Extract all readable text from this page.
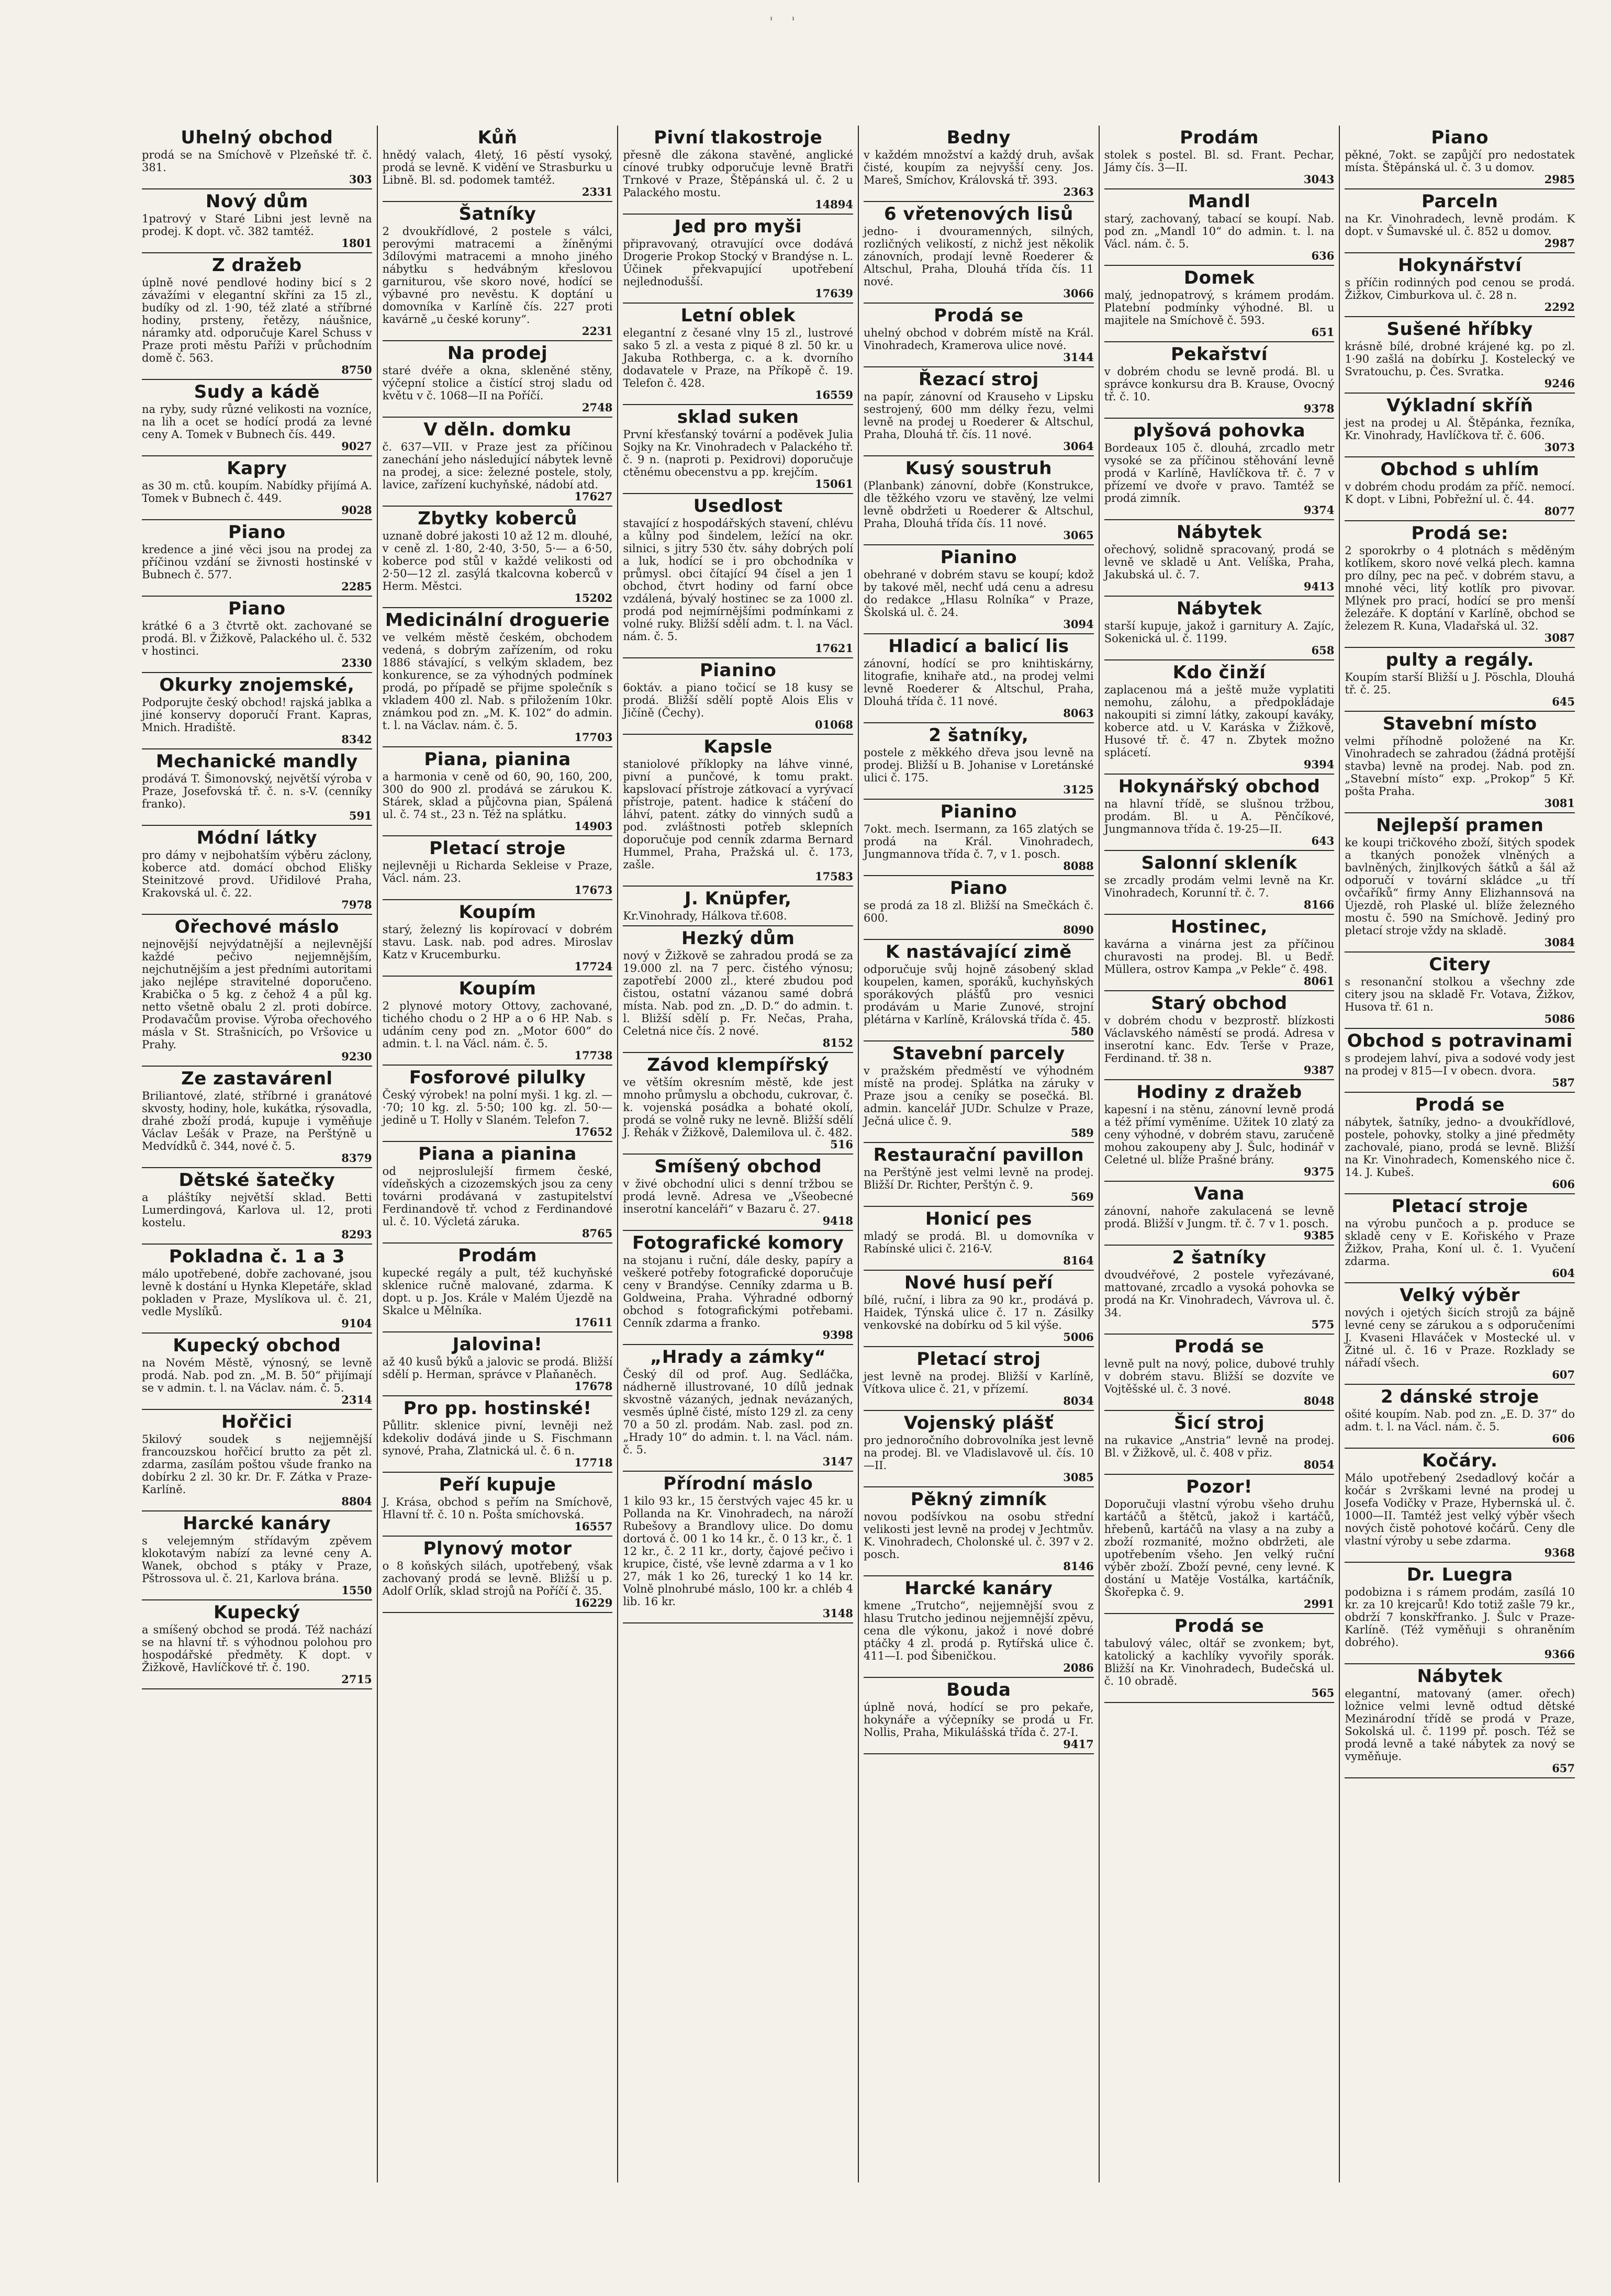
Uhelný obchod

prodá se na Smíchově v Plzeňské tř. č. 381.

303
Nový dům

1patrový v Staré Libni jest levně na prodej. K dopt. vč. 382 tamtéž.

1801
Z dražeb

úplně nové pendlové hodiny bicí s 2 závažími v elegantní skříni za 15 zl., budíky od zl. 1·90, též zlaté a stříbrné hodiny, prsteny, řetězy, náušnice, náramky atd. odporučuje Karel Schuss v Praze proti městu Paříži v průchodním domě č. 563.

8750
Sudy a kádě

na ryby, sudy různé velikosti na vozníce, na lih a ocet se hodící prodá za levné ceny A. Tomek v Bubnech čís. 449.

9027
Kapry

as 30 m. ctů. koupím. Nabídky přijímá A. Tomek v Bubnech č. 449.

9028
Piano

kredence a jiné věci jsou na prodej za příčinou vzdání se živnosti hostinské v Bubnech č. 577.

2285
Piano

krátké 6 a 3 čtvrtě okt. zachované se prodá. Bl. v Žižkově, Palackého ul. č. 532 v hostinci.

2330
Okurky znojemské,

Podporujte český obchod! rajská jablka a jiné konservy doporučí Frant. Kapras, Mnich. Hradiště.

8342
Mechanické mandly

prodává T. Šimonovský, největší výroba v Praze, Josefovská tř. č. n. s-V. (cenníky franko).

591
Módní látky

pro dámy v nejbohatším výběru záclony, koberce atd. domácí obchod Elišky Steinitzové provd. Uřidilové Praha, Krakovská ul. č. 22.

7978
Ořechové máslo

nejnovější nejvýdatnější a nejlevnější každé pečivo nejjemnějším, nejchutnějším a jest předními autoritami jako nejlépe stravitelné doporučeno. Krabička o 5 kg. z čehož 4 a půl kg. netto všetně obalu 2 zl. proti dobírce. Prodavačům provise. Výroba ořechového másla v St. Strašnicích, po Vršovice u Prahy.

9230
Ze zastavárenl

Briliantové, zlaté, stříbrné i granátové skvosty, hodiny, hole, kukátka, rýsovadla, drahé zboží prodá, kupuje i vyměňuje Václav Lešák v Praze, na Perštýně u Medvídků č. 344, nové č. 5.

8379
Dětské šatečky

a pláštíky největší sklad. Betti Lumerdingová, Karlova ul. 12, proti kostelu.

8293
Pokladna č. 1 a 3

málo upotřebené, dobře zachované, jsou levně k dostání u Hynka Klepetáře, sklad pokladen v Praze, Myslíkova ul. č. 21, vedle Myslíků.

9104
Kupecký obchod

na Novém Městě, výnosný, se levně prodá. Nab. pod zn. „M. B. 50“ přijímají se v admin. t. l. na Václav. nám. č. 5.

2314
Hořčici

5kilový soudek s nejjemnější francouzskou hořčicí brutto za pět zl. zdarma, zasílám poštou všude franko na dobírku 2 zl. 30 kr. Dr. F. Zátka v Praze-Karlíně.

8804
Harcké kanáry

s velejemným střídavým zpěvem klokotavým nabízí za levné ceny A. Wanek, obchod s ptáky v Praze, Pštrossova ul. č. 21, Karlova brána.

1550
Kupecký

a smíšený obchod se prodá. Též nachází se na hlavní tř. s výhodnou polohou pro hospodářské předměty. K dopt. v Žižkově, Havlíčkové tř. č. 190.

2715
Kůň

hnědý valach, 4letý, 16 pěstí vysoký, prodá se levně. K vidění ve Strasburku u Libně. Bl. sd. podomek tamtéž.

2331
Šatníky

2 dvoukřídlové, 2 postele s válci, perovými matracemi a žíněnými 3dílovými matracemi a mnoho jiného nábytku s hedvábným křeslovou garniturou, vše skoro nové, hodící se výbavné pro nevěstu. K doptání u domovníka v Karlíně čís. 227 proti kavárně „u české koruny“.

2231
Na prodej

staré dvéře a okna, skleněné stěny, výčepní stolice a čistící stroj sladu od květu v č. 1068—II na Poříčí.

2748
V děln. domku

č. 637—VII. v Praze jest za příčinou zanechání jeho následující nábytek levně na prodej, a sice: železné postele, stoly, lavice, zařízení kuchyňské, nádobí atd.

17627
Zbytky koberců

uznaně dobré jakosti 10 až 12 m. dlouhé, v ceně zl. 1·80, 2·40, 3·50, 5·— a 6·50, koberce pod stůl v každé velikosti od 2·50—12 zl. zasýlá tkalcovna koberců v Herm. Městci.

15202
Medicinální droguerie

ve velkém městě českém, obchodem vedená, s dobrým zařízením, od roku 1886 stávající, s velkým skladem, bez konkurence, se za výhodných podmínek prodá, po případě se přijme společník s vkladem 400 zl. Nab. s přiložením 10kr. známkou pod zn. „M. K. 102“ do admin. t. l. na Václav. nám. č. 5.

17703
Piana, pianina

a harmonia v ceně od 60, 90, 160, 200, 300 do 900 zl. prodává se zárukou K. Stárek, sklad a půjčovna pian, Spálená ul. č. 74 st., 23 n. Též na splátku.

14903
Pletací stroje

nejlevněji u Richarda Sekleise v Praze, Václ. nám. 23.

17673
Koupím

starý, železný lis kopírovací v dobrém stavu. Lask. nab. pod adres. Miroslav Katz v Krucemburku.

17724
Koupím

2 plynové motory Ottovy, zachované, tichého chodu o 2 HP a o 6 HP. Nab. s udáním ceny pod zn. „Motor 600“ do admin. t. l. na Václ. nám. č. 5.

17738
Fosforové pilulky

Český výrobek! na polní myši. 1 kg. zl. —·70; 10 kg. zl. 5·50; 100 kg. zl. 50·— jedině u T. Holly v Slaném. Telefon 7.

17652
Piana a pianina

od nejproslulejší firmem české, vídeňských a cizozemských jsou za ceny továrni prodávaná v zastupitelství Ferdinandově tř. vchod z Ferdinandové ul. č. 10. Výcletá záruka.

8765
Prodám

kupecké regály a pult, též kuchyňské sklenice ručně malované, zdarma. K dopt. u p. Jos. Krále v Malém Újezdě na Skalce u Mělníka.

17611
Jalovina!

až 40 kusů býků a jalovic se prodá. Bližší sdělí p. Herman, správce v Plaňaněch.

17678
Pro pp. hostinské!

Půllitr. sklenice pivní, levněji než kdekoliv dodává jinde u S. Fischmann synové, Praha, Zlatnická ul. č. 6 n.

17718
Peří kupuje

J. Krása, obchod s peřím na Smíchově, Hlavní tř. č. 10 n. Pošta smíchovská.

16557
Plynový motor

o 8 koňských silách, upotřebený, však zachovaný prodá se levně. Bližší u p. Adolf Orlík, sklad strojů na Poříčí č. 35.

16229
Pivní tlakostroje

přesně dle zákona stavěné, anglické cínové trubky odporučuje levně Bratři Trnkové v Praze, Štěpánská ul. č. 2 u Palackého mostu.

14894
Jed pro myši

připravovaný, otravující ovce dodává Drogerie Prokop Stocký v Brandýse n. L. Účinek překvapující upotřebení nejlednodušší.

17639
Letní oblek

elegantní z česané vlny 15 zl., lustrové sako 5 zl. a vesta z piqué 8 zl. 50 kr. u Jakuba Rothberga, c. a k. dvorního dodavatele v Praze, na Příkopě č. 19. Telefon č. 428.

16559
sklad suken

První křesťanský tovární a poděvek Julia Sojky na Kr. Vinohradech v Palackého tř. č. 9 n. (naproti p. Pexidrovi) doporučuje ctěnému obecenstvu a pp. krejčím.

15061
Usedlost

stavající z hospodářských stavení, chlévu a kůlny pod šindelem, ležící na okr. silnici, s jitry 530 čtv. sáhy dobrých polí a luk, hodící se i pro obchodníka v průmysl. obci čítající 94 čísel a jen 1 obchod, čtvrt hodiny od farní obce vzdálená, bývalý hostinec se za 1000 zl. prodá pod nejmírnějšími podmínkami z volné ruky. Bližší sdělí adm. t. l. na Václ. nám. č. 5.

17621
Pianino

6oktáv. a piano točicí se 18 kusy se prodá. Bližší sdělí poptě Alois Elis v Jičíně (Čechy).

01068
Kapsle

staniolové příklopky na láhve vinné, pivní a punčové, k tomu prakt. kapslovací přístroje zátkovací a vyrývací přístroje, patent. hadice k stáčení do láhví, patent. zátky do vinných sudů a pod. zvláštnosti potřeb sklepních doporučuje pod cenník zdarma Bernard Hummel, Praha, Pražská ul. č. 173, zašle.

17583
J. Knüpfer,

Kr.Vinohrady, Hálkova tř.608.

Hezký dům

nový v Žižkově se zahradou prodá se za 19.000 zl. na 7 perc. čistého výnosu; zapotřebí 2000 zl., které zbudou pod čistou, ostatní vázanou samé dobrá místa. Nab. pod zn. „D. D.“ do admin. t. l. Bližší sdělí p. Fr. Nečas, Praha, Celetná nice čís. 2 nové.

8152
Závod klempířský

ve větším okresním městě, kde jest mnoho průmyslu a obchodu, cukrovar, č. k. vojenská posádka a bohaté okolí, prodá se volně ruky ne levně. Bližší sdělí J. Řehák v Žižkově, Dalemilova ul. č. 482.

516
Smíšený obchod

v živé obchodní ulici s denní tržbou se prodá levně. Adresa ve „Všeobecné inserotní kanceláři“ v Bazaru č. 27.

9418
Fotografické komory

na stojanu i ruční, dále desky, papíry a veškeré potřeby fotografické doporučuje ceny v Brandýse. Cenníky zdarma u B. Goldweina, Praha. Výhradné odborný obchod s fotografickými potřebami. Cenník zdarma a franko.

9398
„Hrady a zámky“

Český díl od prof. Aug. Sedláčka, nádherně illustrované, 10 dílů jednak skvostně vázaných, jednak nevázaných, vesměs úplně čisté, místo 129 zl. za ceny 70 a 50 zl. prodám. Nab. zasl. pod zn. „Hrady 10“ do admin. t. l. na Václ. nám. č. 5.

3147
Přírodní máslo

1 kilo 93 kr., 15 čerstvých vajec 45 kr. u Pollanda na Kr. Vinohradech, na nároží Rubešovy a Brandlovy ulice. Do domu dortová č. 00 1 ko 14 kr., č. 0 13 kr., č. 1 12 kr., č. 2 11 kr., dorty, čajové pečivo i krupice, čisté, vše levně zdarma a v 1 ko 27, mák 1 ko 26, turecký 1 ko 14 kr. Volně plnohrubé máslo, 100 kr. a chléb 4 lib. 16 kr.

3148
Bedny

v každém množství a každý druh, avšak čisté, koupím za nejvyšší ceny. Jos. Mareš, Smíchov, Královská tř. 393.

2363
6 vřetenových lisů

jedno- i dvouramenných, silných, rozličných velikostí, z nichž jest několik zánovních, prodají levně Roederer & Altschul, Praha, Dlouhá třída čís. 11 nové.

3066
Prodá se

uhelný obchod v dobrém místě na Král. Vinohradech, Kramerova ulice nové.

3144
Řezací stroj

na papír, zánovní od Krauseho v Lipsku sestrojený, 600 mm délky řezu, velmi levně na prodej u Roederer & Altschul, Praha, Dlouhá tř. čís. 11 nové.

3064
Kusý soustruh

(Planbank) zánovní, dobře (Konstrukce, dle těžkého vzoru ve stavěný, lze velmi levně obdržeti u Roederer & Altschul, Praha, Dlouhá třída čís. 11 nové.

3065
Pianino

obehrané v dobrém stavu se koupí; kdož by takové měl, nechť udá cenu a adresu do redakce „Hlasu Rolníka“ v Praze, Školská ul. č. 24.

3094
Hladicí a balicí lis

zánovní, hodící se pro knihtiskárny, litografie, knihaře atd., na prodej velmi levně Roederer & Altschul, Praha, Dlouhá třída č. 11 nové.

8063
2 šatníky,

postele z měkkého dřeva jsou levně na prodej. Bližší u B. Johanise v Loretánské ulici č. 175.

3125
Pianino

7okt. mech. Isermann, za 165 zlatých se prodá na Král. Vinohradech, Jungmannova třída č. 7, v 1. posch.

8088
Piano

se prodá za 18 zl. Bližší na Smečkách č. 600.

8090
K nastávající zimě

odporučuje svůj hojně zásobený sklad koupelen, kamen, sporáků, kuchyňských sporákových plášťů pro vesnici prodávám u Marie Zunové, strojní plétárna v Karlíně, Královská třída č. 45.

580
Stavební parcely

v pražském předměstí ve výhodném místě na prodej. Splátka na záruky v Praze jsou a ceníky se posečká. Bl. admin. kancelář JUDr. Schulze v Praze, Ječná ulice č. 9.

589
Restaurační pavillon

na Perštýně jest velmi levně na prodej. Bližší Dr. Richter, Perštýn č. 9.

569
Honicí pes

mladý se prodá. Bl. u domovníka v Rabínské ulici č. 216-V.

8164
Nové husí peří

bílé, ruční, i libra za 90 kr., prodává p. Haidek, Týnská ulice č. 17 n. Zásilky venkovské na dobírku od 5 kil výše.

5006
Pletací stroj

jest levně na prodej. Bližší v Karlíně, Vítkova ulice č. 21, v přízemí.

8034
Vojenský plášť

pro jednoročního dobrovolníka jest levně na prodej. Bl. ve Vladislavově ul. čís. 10—II.

3085
Pěkný zimník

novou podšívkou na osobu střední velikosti jest levně na prodej v Jechtmův. K. Vinohradech, Cholonské ul. č. 397 v 2. posch.

8146
Harcké kanáry

kmene „Trutcho“, nejjemnější svou z hlasu Trutcho jedinou nejjemnější zpěvu, cena dle výkonu, jakož i nové dobré ptáčky 4 zl. prodá p. Rytířská ulice č. 411—I. pod Šibeničkou.

2086
Bouda

úplně nová, hodící se pro pekaře, hokynáře a výčepníky se prodá u Fr. Nollis, Praha, Mikulášská třída č. 27-I.

9417
Prodám

stolek s postel. Bl. sd. Frant. Pechar, Jámy čís. 3—II.

3043
Mandl

starý, zachovaný, tabací se koupí. Nab. pod zn. „Mandl 10“ do admin. t. l. na Václ. nám. č. 5.

636
Domek

malý, jednopatrový, s krámem prodám. Platební podmínky výhodné. Bl. u majitele na Smíchově č. 593.

651
Pekařství

v dobrém chodu se levně prodá. Bl. u správce konkursu dra B. Krause, Ovocný tř. č. 10.

9378
plyšová pohovka

Bordeaux 105 č. dlouhá, zrcadlo metr vysoké se za příčinou stěhování levně prodá v Karlíně, Havlíčkova tř. č. 7 v přízemí ve dvoře v pravo. Tamtéž se prodá zimník.

9374
Nábytek

ořechový, solidně spracovaný, prodá se levně ve skladě u Ant. Velíška, Praha, Jakubská ul. č. 7.

9413
Nábytek

starší kupuje, jakož i garnitury A. Zajíc, Sokenická ul. č. 1199.

658
Kdo činží

zaplacenou má a ještě muže vyplatiti nemohu, zálohu, a předpokládaje nakoupiti si zimní látky, zakoupí kaváky, koberce atd. u V. Karáska v Žižkově, Husové tř. č. 47 n. Zbytek možno splácetí.

9394
Hokynářský obchod

na hlavní třídě, se slušnou tržbou, prodám. Bl. u A. Pěnčíkové, Jungmannova třída č. 19-25—II.

643
Salonní skleník

se zrcadly prodám velmi levně na Kr. Vinohradech, Korunní tř. č. 7.

8166
Hostinec,

kavárna a vinárna jest za příčinou churavosti na prodej. Bl. u Bedř. Müllera, ostrov Kampa „v Pekle“ č. 498.

8061
Starý obchod

v dobrém chodu v bezprostř. blízkosti Václavského náměstí se prodá. Adresa v inserotní kanc. Edv. Terše v Praze, Ferdinand. tř. 38 n.

9387
Hodiny z dražeb

kapesní i na stěnu, zánovní levně prodá a též přímí vyměníme. Užitek 10 zlatý za ceny výhodné, v dobrém stavu, zaručeně mohou zakoupeny aby J. Šulc, hodinář v Celetné ul. blíže Prašné brány.

9375
Vana

zánovní, nahoře zakulacená se levně prodá. Bližší v Jungm. tř. č. 7 v 1. posch.

9385
2 šatníky

dvoudvéřové, 2 postele vyřezávané, mattované, zrcadlo a vysoká pohovka se prodá na Kr. Vinohradech, Vávrova ul. č. 34.

575
Prodá se

levně pult na nový, police, dubové truhly v dobrém stavu. Bližší se dozvíte ve Vojtěšské ul. č. 3 nové.

8048
Šicí stroj

na rukavice „Anstria“ levně na prodej. Bl. v Žižkově, ul. č. 408 v přiz.

8054
Pozor!

Doporučuji vlastní výrobu všeho druhu kartáčů a štětců, jakož i kartáčů, hřebenů, kartáčů na vlasy a na zuby a zboží rozmanité, možno obdržeti, ale upotřebením všeho. Jen velký ruční výběr zboží. Zboží pevné, ceny levné. K dostání u Matěje Vostálka, kartáčník, Škořepka č. 9.

2991
Prodá se

tabulový válec, oltář se zvonkem; byt, katolický a kachlíky vyvořily sporák. Bližší na Kr. Vinohradech, Budečská ul. č. 10 obradě.

565
Piano

pěkné, 7okt. se zapůjčí pro nedostatek místa. Štěpánská ul. č. 3 u domov.

2985
Parceln

na Kr. Vinohradech, levně prodám. K dopt. v Šumavské ul. č. 852 u domov.

2987
Hokynářství

s příčin rodinných pod cenou se prodá. Žižkov, Cimburkova ul. č. 28 n.

2292
Sušené hříbky

krásně bílé, drobné krájené kg. po zl. 1·90 zašlá na dobírku J. Kostelecký ve Svratouchu, p. Čes. Svratka.

9246
Výkladní skříň

jest na prodej u Al. Štěpánka, řezníka, Kr. Vinohrady, Havlíčkova tř. č. 606.

3073
Obchod s uhlím

v dobrém chodu prodám za příč. nemocí. K dopt. v Libni, Pobřežní ul. č. 44.

8077
Prodá se:

2 sporokrby o 4 plotnách s měděným kotlíkem, skoro nové velká plech. kamna pro dílny, pec na peč. v dobrém stavu, a mnohé věci, litý kotlík pro pivovar. Mlýnek pro prací, hodící se pro menší železáře. K doptání v Karlíně, obchod se železem R. Kuna, Vladařská ul. 32.

3087
pulty a regály.

Koupím starší Bližší u J. Pöschla, Dlouhá tř. č. 25.

645
Stavební místo

velmi příhodně položené na Kr. Vinohradech se zahradou (žádná protější stavba) levně na prodej. Nab. pod zn. „Stavební místo“ exp. „Prokop“ 5 Kř. pošta Praha.

3081
Nejlepší pramen

ke koupi tričkového zboží, šitých spodek a tkaných ponožek vlněných a bavlněných, žinjlkových šátků a šál až odporučí v tovární skládce „u tří ovčaříků“ firmy Anny Elizhannsová na Újezdě, roh Plaské ul. blíže železného mostu č. 590 na Smíchově. Jediný pro pletací stroje vždy na skladě.

3084
Citery

s resonanční stolkou a všechny zde citery jsou na skladě Fr. Votava, Žižkov, Husova tř. 61 n.

5086
Obchod s potravinami

s prodejem lahví, piva a sodové vody jest na prodej v 815—I v obecn. dvora.

587
Prodá se

nábytek, šatníky, jedno- a dvoukřídlové, postele, pohovky, stolky a jiné předměty zachovalé, piano, prodá se levně. Bližší na Kr. Vinohradech, Komenského nice č. 14. J. Kubeš.

606
Pletací stroje

na výrobu punčoch a p. produce se skladě ceny v E. Kořiského v Praze Žižkov, Praha, Koní ul. č. 1. Vyučení zdarma.

604
Velký výběr

nových i ojetých šicích strojů za bájně levné ceny se zárukou a s odporučeními J. Kvaseni Hlaváček v Mostecké ul. v Žitné ul. č. 16 v Praze. Rozklady se nářadí všech.

607
2 dánské stroje

ošité koupím. Nab. pod zn. „E. D. 37“ do adm. t. l. na Václ. nám. č. 5.

606
Kočáry.

Málo upotřebený 2sedadlový kočár a kočár s 2vrškami levné na prodej u Josefa Vodičky v Praze, Hybernská ul. č. 1000—II. Tamtéž jest velký výběr všech nových čistě pohotové kočárů. Ceny dle vlastní výroby u sebe zdarma.

9368
Dr. Luegra

podobizna i s rámem prodám, zasílá 10 kr. za 10 krejcarů! Kdo totiž zašle 79 kr., obdrží 7 konskřfranko. J. Šulc v Praze-Karlíně. (Též vyměňuji s ohraněním dobrého).

9366
Nábytek

elegantní, matovaný (amer. ořech) ložnice velmi levně odtud dětské Mezinárodní třídě se prodá v Praze, Sokolská ul. č. 1199 př. posch. Též se prodá levně a také nábytek za nový se vyměňuje.

657
' '
